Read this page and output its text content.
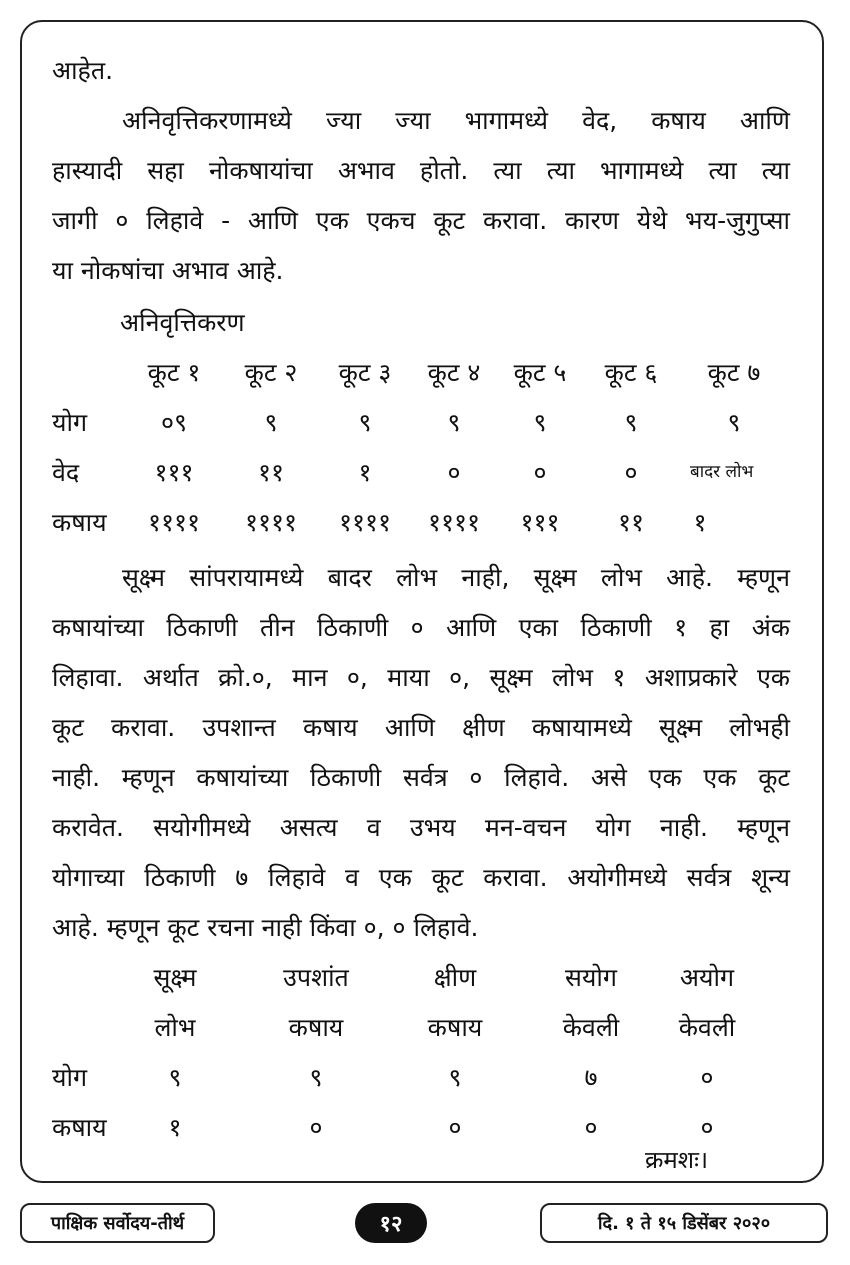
आहेत.
अनिवृत्तिकरणामध्ये ज्या ज्या भागामध्ये वेद, कषाय आणि
हास्यादी सहा नोकषायांचा अभाव होतो. त्या त्या भागामध्ये त्या त्या
जागी ० लिहावे - आणि एक एकच कूट करावा. कारण येथे भय-जुगुप्सा
या नोकषांचा अभाव आहे.
अनिवृत्तिकरण
कूट १	कूट २	कूट ३	कूट ४	कूट ५	कूट ६	कूट ७
योग	०९	९	९	९	९	९	९
वेद	१११	११	१	०	०	०	बादर लोभ
कषाय	११११	११११	११११	११११	१११	११	१
सूक्ष्म सांपरायामध्ये बादर लोभ नाही, सूक्ष्म लोभ आहे. म्हणून
कषायांच्या ठिकाणी तीन ठिकाणी ० आणि एका ठिकाणी १ हा अंक
लिहावा. अर्थात क्रो.०, मान ०, माया ०, सूक्ष्म लोभ १ अशाप्रकारे एक
कूट करावा. उपशान्त कषाय आणि क्षीण कषायामध्ये सूक्ष्म लोभही
नाही. म्हणून कषायांच्या ठिकाणी सर्वत्र ० लिहावे. असे एक एक कूट
करावेत. सयोगीमध्ये असत्य व उभय मन-वचन योग नाही. म्हणून
योगाच्या ठिकाणी ७ लिहावे व एक कूट करावा. अयोगीमध्ये सर्वत्र शून्य
आहे. म्हणून कूट रचना नाही किंवा ०, ० लिहावे.
सूक्ष्म	उपशांत	क्षीण	सयोग	अयोग
लोभ	कषाय	कषाय	केवली	केवली
योग	९	९	९	७	०
कषाय	१	०	०	०	०
क्रमशः।
पाक्षिक सर्वोदय-तीर्थ	१२	दि. १ ते १५ डिसेंबर २०२०
